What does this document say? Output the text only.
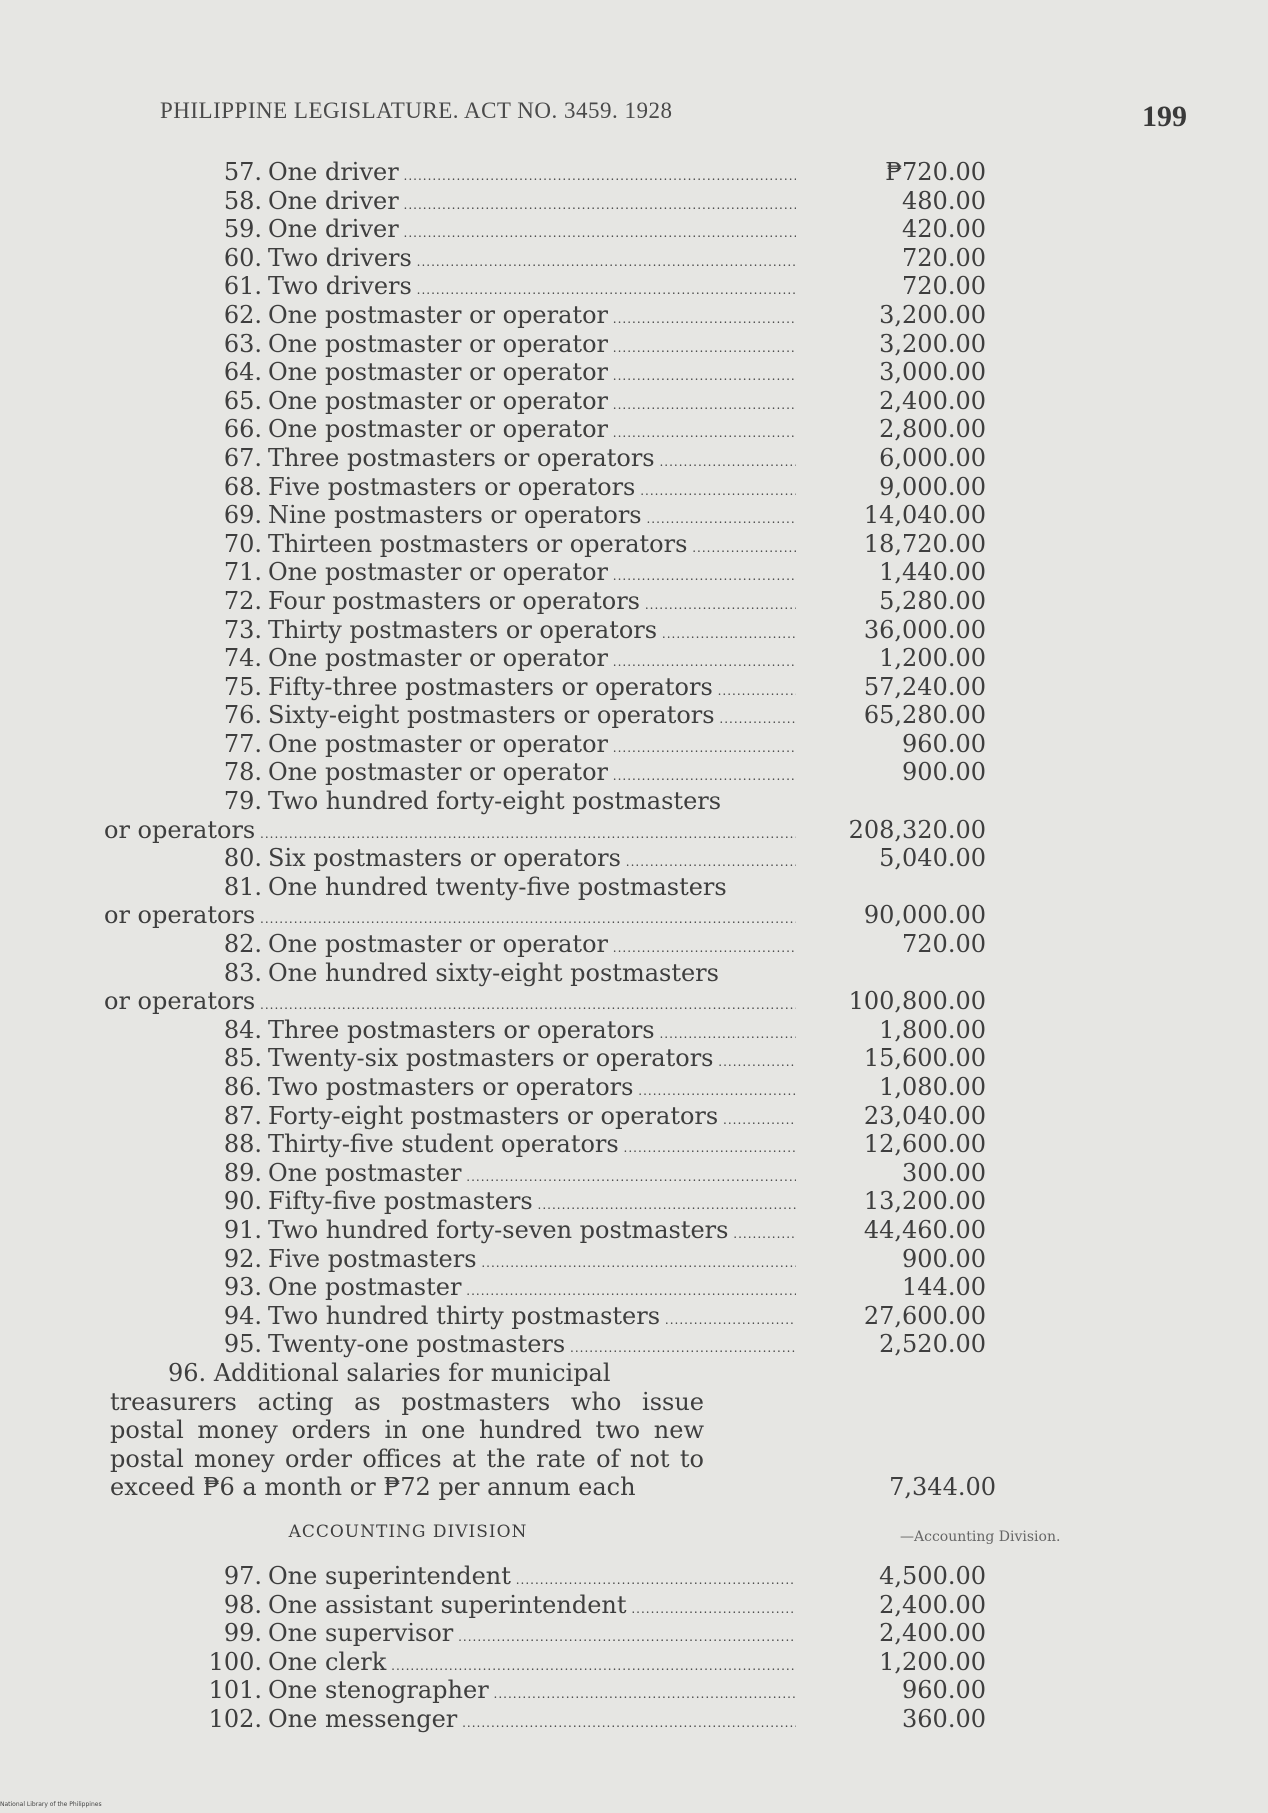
PHILIPPINE LEGISLATURE. ACT NO. 3459. 1928	199
57. One driver .....	₱720.00
58. One driver .....	480.00
59. One driver .....	420.00
60. Two drivers .....	720.00
61. Two drivers .....	720.00
62. One postmaster or operator .....	3,200.00
63. One postmaster or operator .....	3,200.00
64. One postmaster or operator .....	3,000.00
65. One postmaster or operator .....	2,400.00
66. One postmaster or operator .....	2,800.00
67. Three postmasters or operators .....	6,000.00
68. Five postmasters or operators .....	9,000.00
69. Nine postmasters or operators .....	14,040.00
70. Thirteen postmasters or operators .....	18,720.00
71. One postmaster or operator .....	1,440.00
72. Four postmasters or operators .....	5,280.00
73. Thirty postmasters or operators .....	36,000.00
74. One postmaster or operator .....	1,200.00
75. Fifty-three postmasters or operators .....	57,240.00
76. Sixty-eight postmasters or operators .....	65,280.00
77. One postmaster or operator .....	960.00
78. One postmaster or operator .....	900.00
79. Two hundred forty-eight postmasters
or operators .....	208,320.00
80. Six postmasters or operators .....	5,040.00
81. One hundred twenty-five postmasters
or operators .....	90,000.00
82. One postmaster or operator .....	720.00
83. One hundred sixty-eight postmasters
or operators .....	100,800.00
84. Three postmasters or operators .....	1,800.00
85. Twenty-six postmasters or operators .....	15,600.00
86. Two postmasters or operators .....	1,080.00
87. Forty-eight postmasters or operators .....	23,040.00
88. Thirty-five student operators .....	12,600.00
89. One postmaster .....	300.00
90. Fifty-five postmasters .....	13,200.00
91. Two hundred forty-seven postmasters .....	44,460.00
92. Five postmasters .....	900.00
93. One postmaster .....	144.00
94. Two hundred thirty postmasters .....	27,600.00
95. Twenty-one postmasters .....	2,520.00
96. Additional salaries for municipal
treasurers acting as postmasters who issue postal money orders in one hundred two new postal money order offices at the rate of not to exceed ₱6 a month or ₱72 per annum each	7,344.00
ACCOUNTING DIVISION
97. One superintendent .....	4,500.00
98. One assistant superintendent .....	2,400.00
99. One supervisor .....	2,400.00
100. One clerk .....	1,200.00
101. One stenographer .....	960.00
102. One messenger .....	360.00
—Accounting Division.
National Library of the Philippines
